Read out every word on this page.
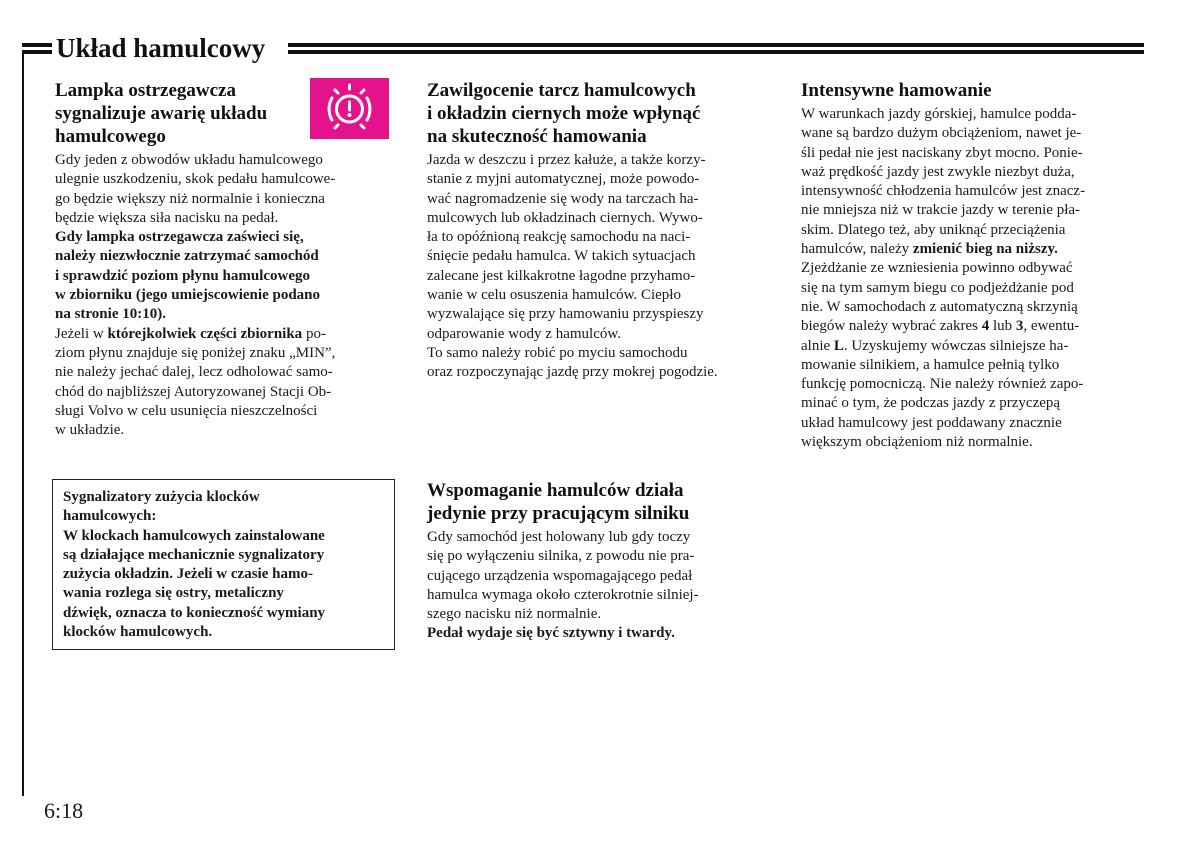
Układ hamulcowy
Lampka ostrzegawcza
sygnalizuje awarię układu
hamulcowego

Gdy jeden z obwodów układu hamulcowego
ulegnie uszkodzeniu, skok pedału hamulcowe-
go będzie większy niż normalnie i konieczna
będzie większa siła nacisku na pedał.
Gdy lampka ostrzegawcza zaświeci się,
należy niezwłocznie zatrzymać samochód
i sprawdzić poziom płynu hamulcowego
w zbiorniku (jego umiejscowienie podano
na stronie 10:10).

Jeżeli w którejkolwiek części zbiornika po-
ziom płynu znajduje się poniżej znaku „MIN”,
nie należy jechać dalej, lecz odholować samo-
chód do najbliższej Autoryzowanej Stacji Ob-
sługi Volvo w celu usunięcia nieszczelności
w układzie.

Sygnalizatory zużycia klocków
hamulcowych:
W klockach hamulcowych zainstalowane
są działające mechanicznie sygnalizatory
zużycia okładzin. Jeżeli w czasie hamo-
wania rozlega się ostry, metaliczny
dźwięk, oznacza to konieczność wymiany
klocków hamulcowych.

Zawilgocenie tarcz hamulcowych
i okładzin ciernych może wpłynąć
na skuteczność hamowania

Jazda w deszczu i przez kałuże, a także korzy-
stanie z myjni automatycznej, może powodo-
wać nagromadzenie się wody na tarczach ha-
mulcowych lub okładzinach ciernych. Wywo-
ła to opóźnioną reakcję samochodu na naci-
śnięcie pedału hamulca. W takich sytuacjach
zalecane jest kilkakrotne łagodne przyhamo-
wanie w celu osuszenia hamulców. Ciepło
wyzwalające się przy hamowaniu przyspieszy
odparowanie wody z hamulców.
To samo należy robić po myciu samochodu
oraz rozpoczynając jazdę przy mokrej pogodzie.

Wspomaganie hamulców działa
jedynie przy pracującym silniku

Gdy samochód jest holowany lub gdy toczy
się po wyłączeniu silnika, z powodu nie pra-
cującego urządzenia wspomagającego pedał
hamulca wymaga około czterokrotnie silniej-
szego nacisku niż normalnie.
Pedał wydaje się być sztywny i twardy.

Intensywne hamowanie

W warunkach jazdy górskiej, hamulce podda-
wane są bardzo dużym obciążeniom, nawet je-
śli pedał nie jest naciskany zbyt mocno. Ponie-
waż prędkość jazdy jest zwykle niezbyt duża,
intensywność chłodzenia hamulców jest znacz-
nie mniejsza niż w trakcie jazdy w terenie pła-
skim. Dlatego też, aby uniknąć przeciążenia
hamulców, należy zmienić bieg na niższy.
Zjeżdżanie ze wzniesienia powinno odbywać
się na tym samym biegu co podjeżdżanie pod
nie. W samochodach z automatyczną skrzynią
biegów należy wybrać zakres 4 lub 3, ewentu-
alnie L. Uzyskujemy wówczas silniejsze ha-
mowanie silnikiem, a hamulce pełnią tylko
funkcję pomocniczą. Nie należy również zapo-
minać o tym, że podczas jazdy z przyczepą
układ hamulcowy jest poddawany znacznie
większym obciążeniom niż normalnie.

6:18
